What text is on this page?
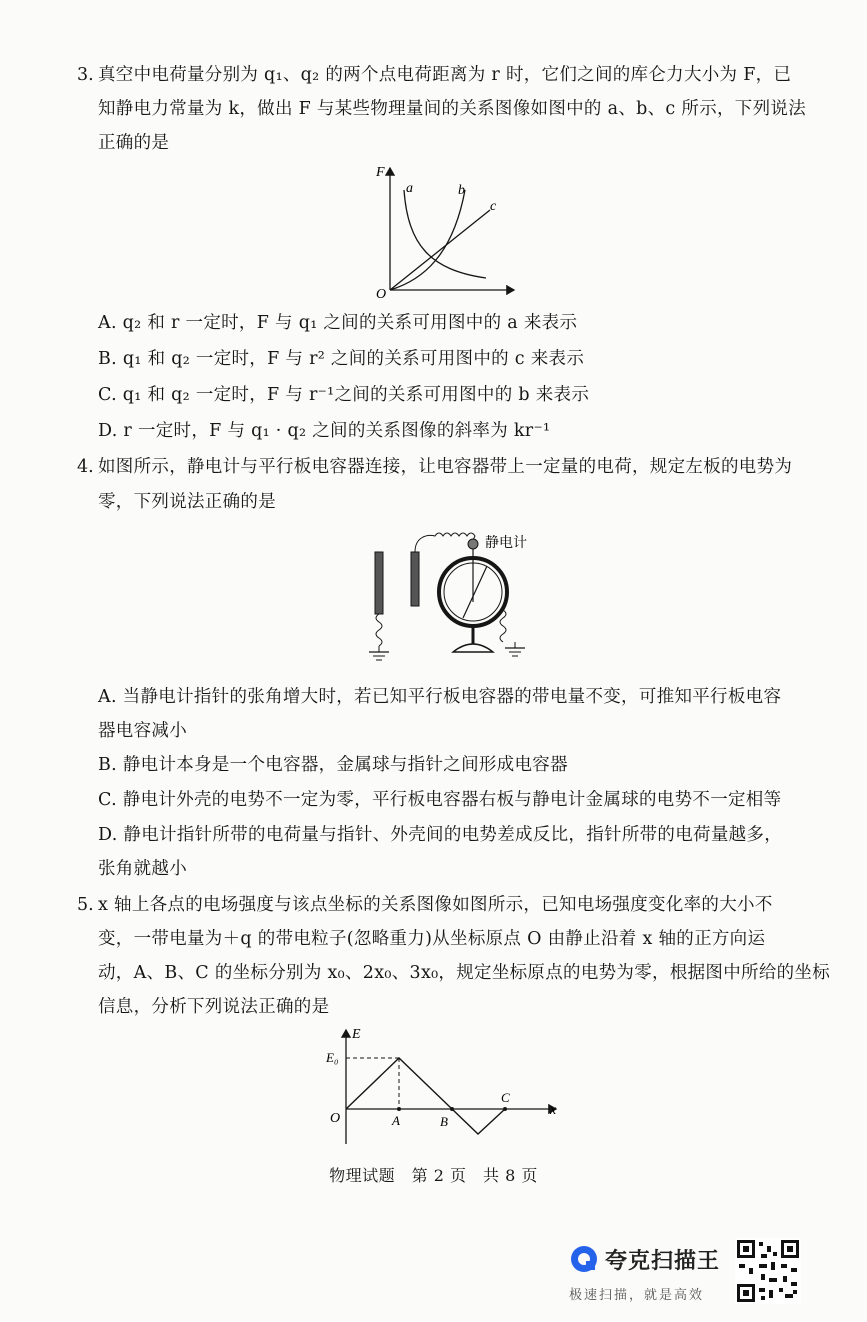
3. 真空中电荷量分别为 q₁、q₂ 的两个点电荷距离为 r 时，它们之间的库仑力大小为 F，已
知静电力常量为 k，做出 F 与某些物理量间的关系图像如图中的 a、b、c 所示，下列说法
正确的是
F
O
a	b
c
A. q₂ 和 r 一定时，F 与 q₁ 之间的关系可用图中的 a 来表示
B. q₁ 和 q₂ 一定时，F 与 r² 之间的关系可用图中的 c 来表示
C. q₁ 和 q₂ 一定时，F 与 r⁻¹之间的关系可用图中的 b 来表示
D. r 一定时，F 与 q₁ · q₂ 之间的关系图像的斜率为 kr⁻¹
4. 如图所示，静电计与平行板电容器连接，让电容器带上一定量的电荷，规定左板的电势为
零，下列说法正确的是
静电计
A. 当静电计指针的张角增大时，若已知平行板电容器的带电量不变，可推知平行板电容
器电容减小
B. 静电计本身是一个电容器，金属球与指针之间形成电容器
C. 静电计外壳的电势不一定为零，平行板电容器右板与静电计金属球的电势不一定相等
D. 静电计指针所带的电荷量与指针、外壳间的电势差成反比，指针所带的电荷量越多，
张角就越小
5. x 轴上各点的电场强度与该点坐标的关系图像如图所示，已知电场强度变化率的大小不
变，一带电量为＋q 的带电粒子(忽略重力)从坐标原点 O 由静止沿着 x 轴的正方向运
动，A、B、C 的坐标分别为 x₀、2x₀、3x₀，规定坐标原点的电势为零，根据图中所给的坐标
信息，分析下列说法正确的是
E
x
O
E₀
A	B
C
物理试题　第 2 页　共 8 页
夸克扫描王
极速扫描，就是高效
